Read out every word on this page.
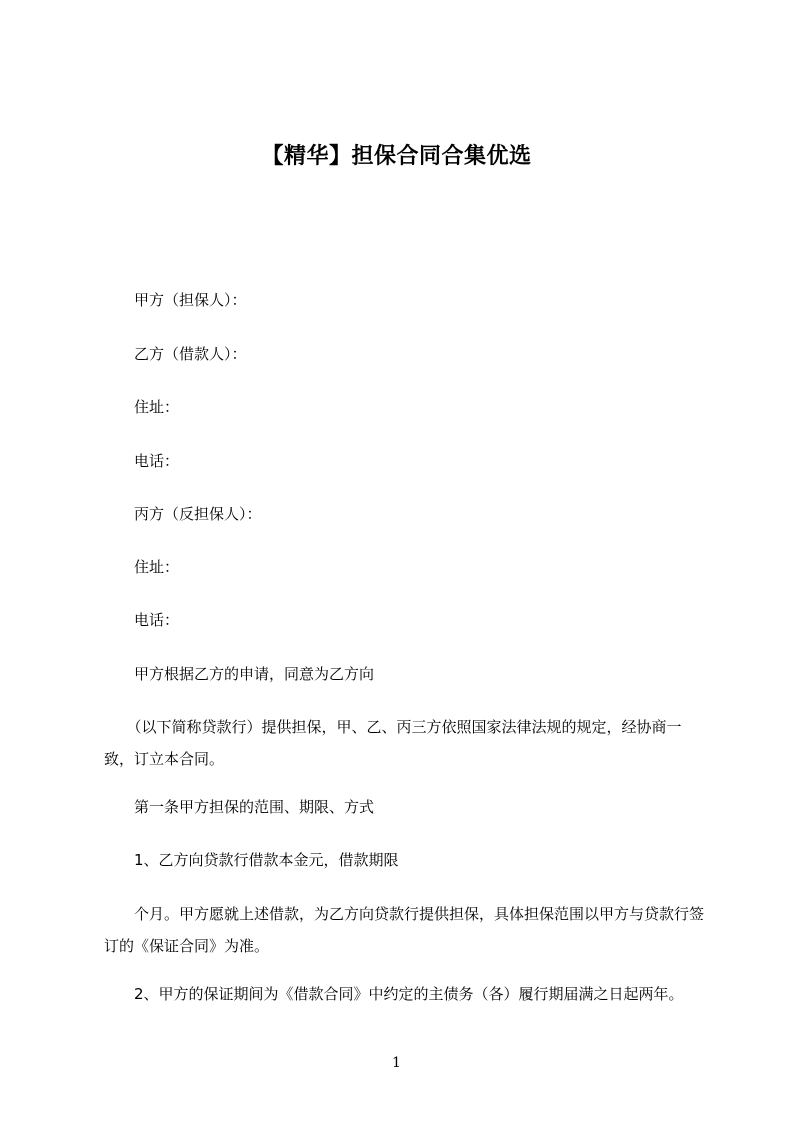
【精华】担保合同合集优选
　　甲方（担保人）：
　　乙方（借款人）：
　　住址：
　　电话：
　　丙方（反担保人）：
　　住址：
　　电话：
　　甲方根据乙方的申请，同意为乙方向
　　（以下简称贷款行）提供担保，甲、乙、丙三方依照国家法律法规的规定，经协商一致，订立本合同。
　　第一条甲方担保的范围、期限、方式
　　1、乙方向贷款行借款本金元，借款期限
　　个月。甲方愿就上述借款，为乙方向贷款行提供担保，具体担保范围以甲方与贷款行签订的《保证合同》为准。
　　2、甲方的保证期间为《借款合同》中约定的主债务（各）履行期届满之日起两年。
1
